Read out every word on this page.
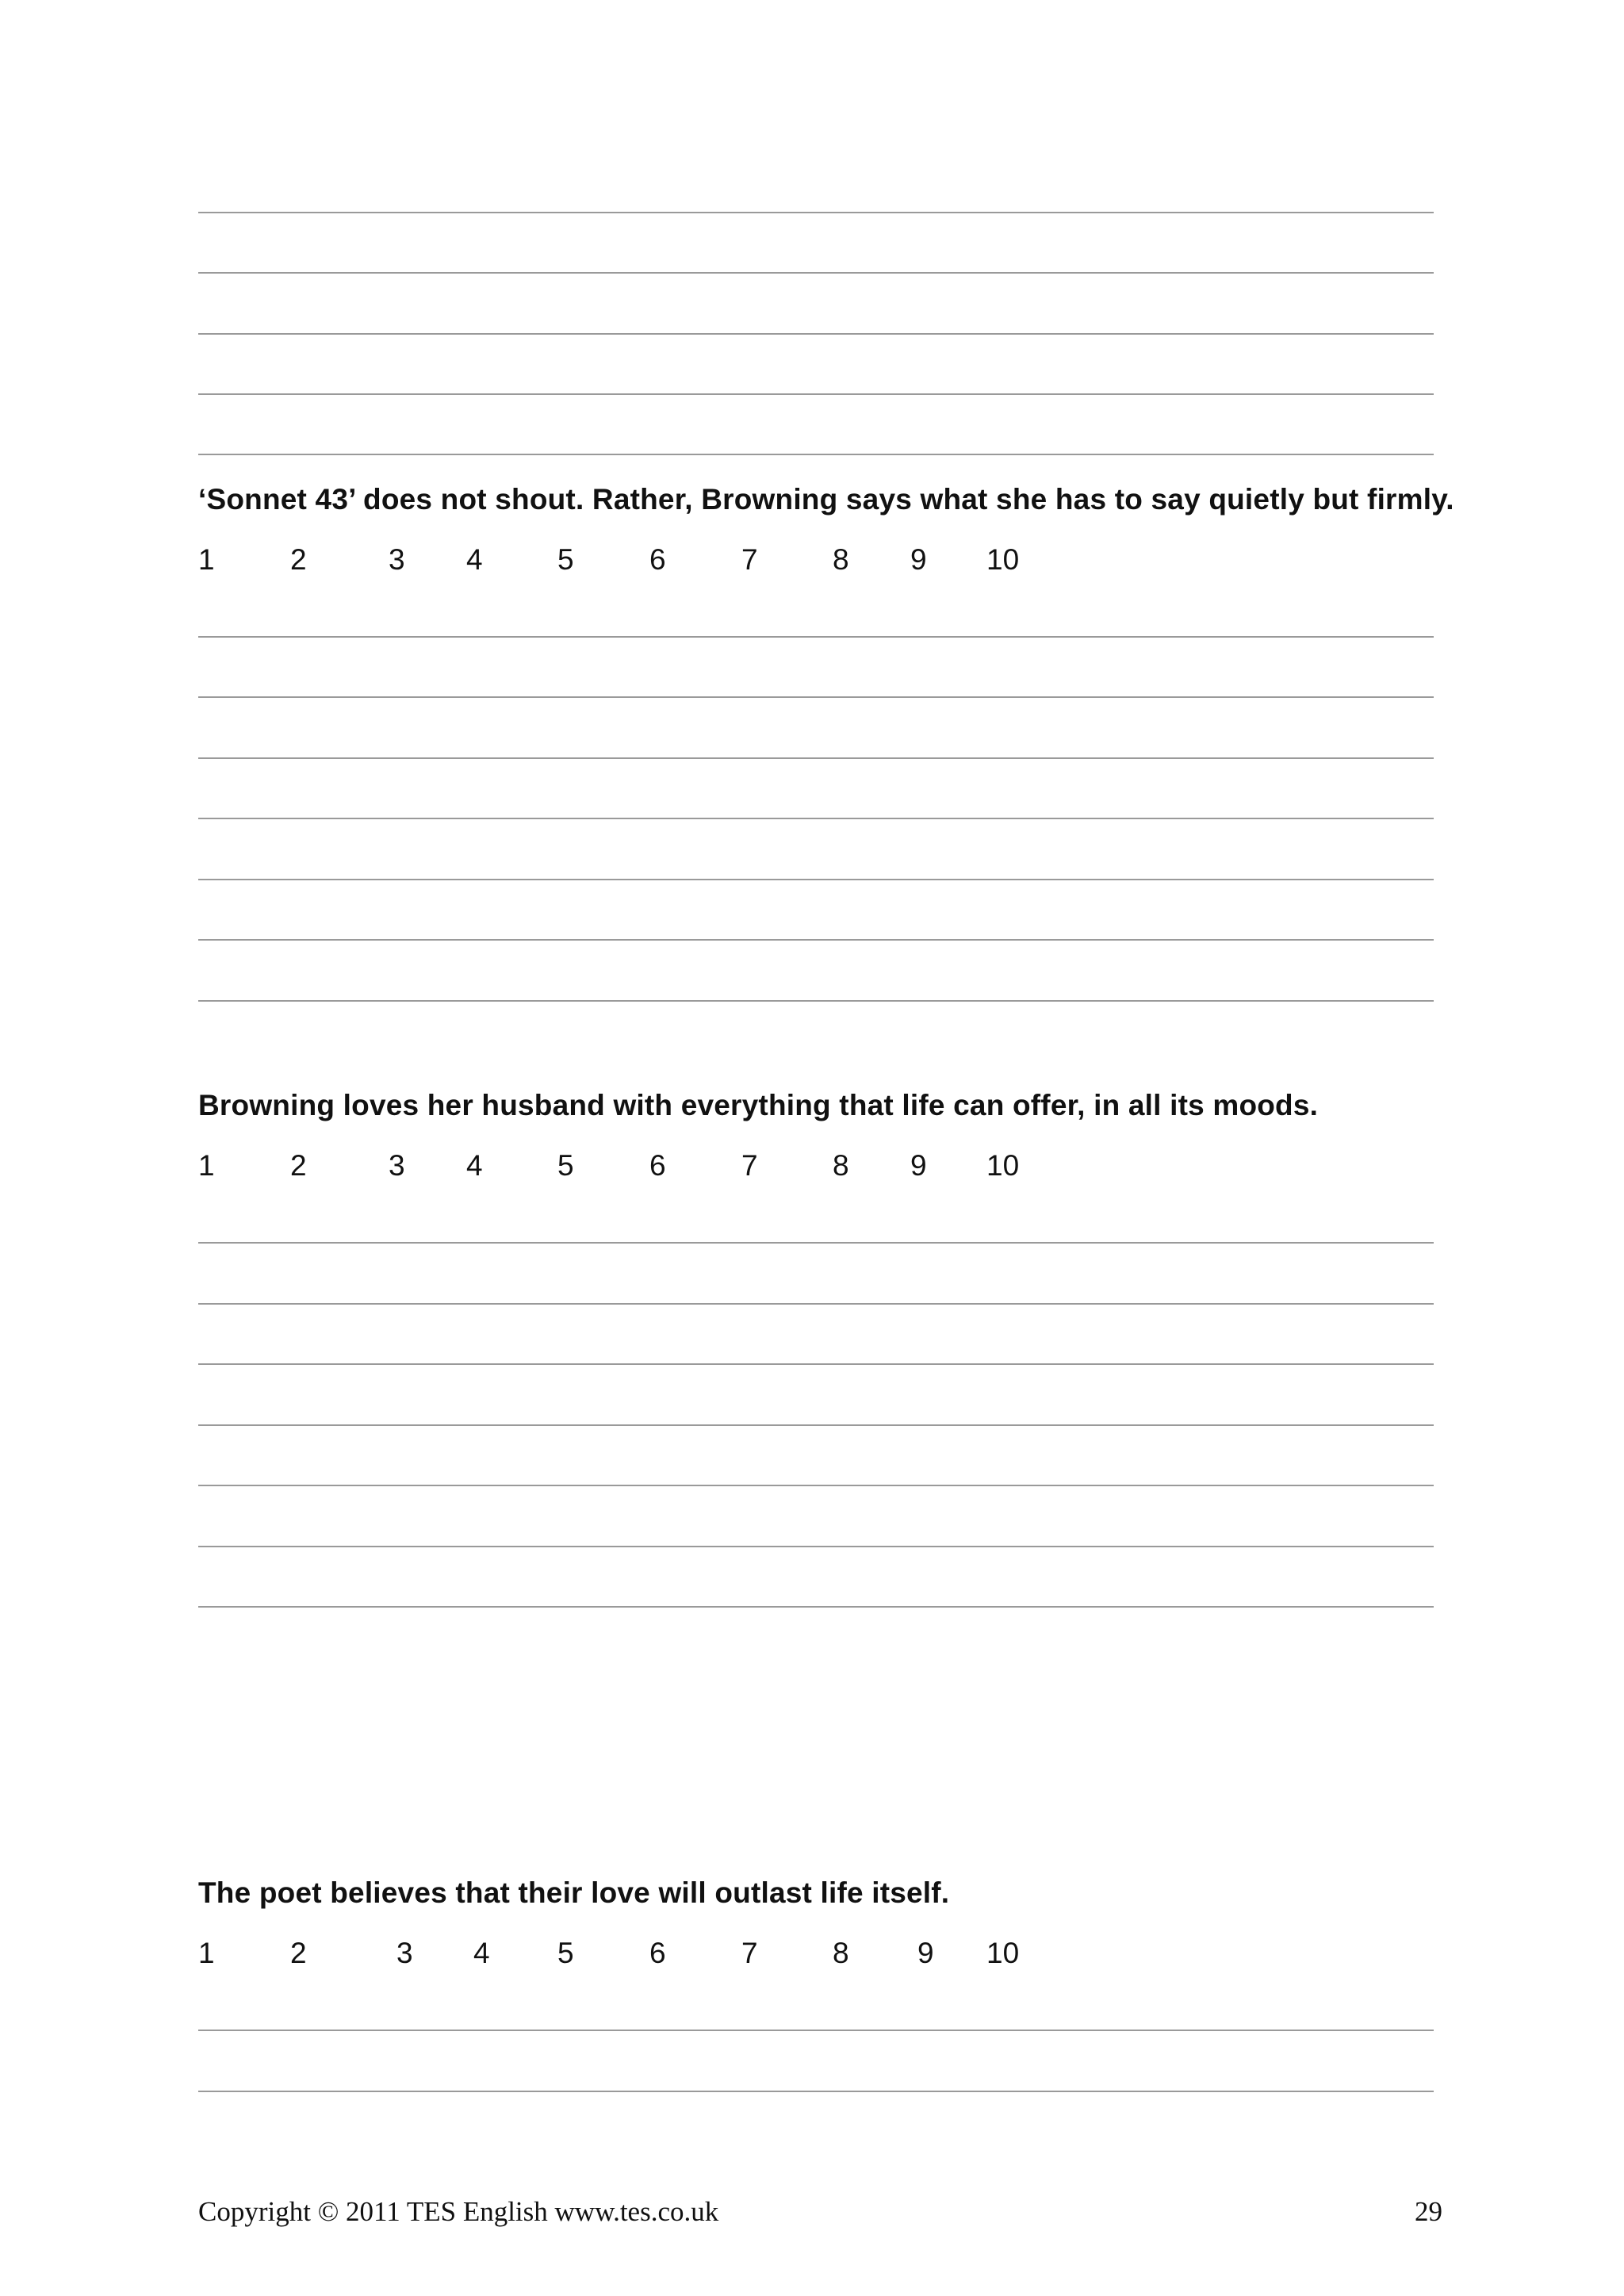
‘Sonnet 43’ does not shout. Rather, Browning says what she has to say quietly but firmly.
1	2	3 4	5	6	7	8 9 10
Browning loves her husband with everything that life can offer, in all its moods.
1	2	3 4	5	6	7	8 9 10
The poet believes that their love will outlast life itself.
1	2	3 4 5	6	7	8 9 10
Copyright © 2011 TES English www.tes.co.uk	29
